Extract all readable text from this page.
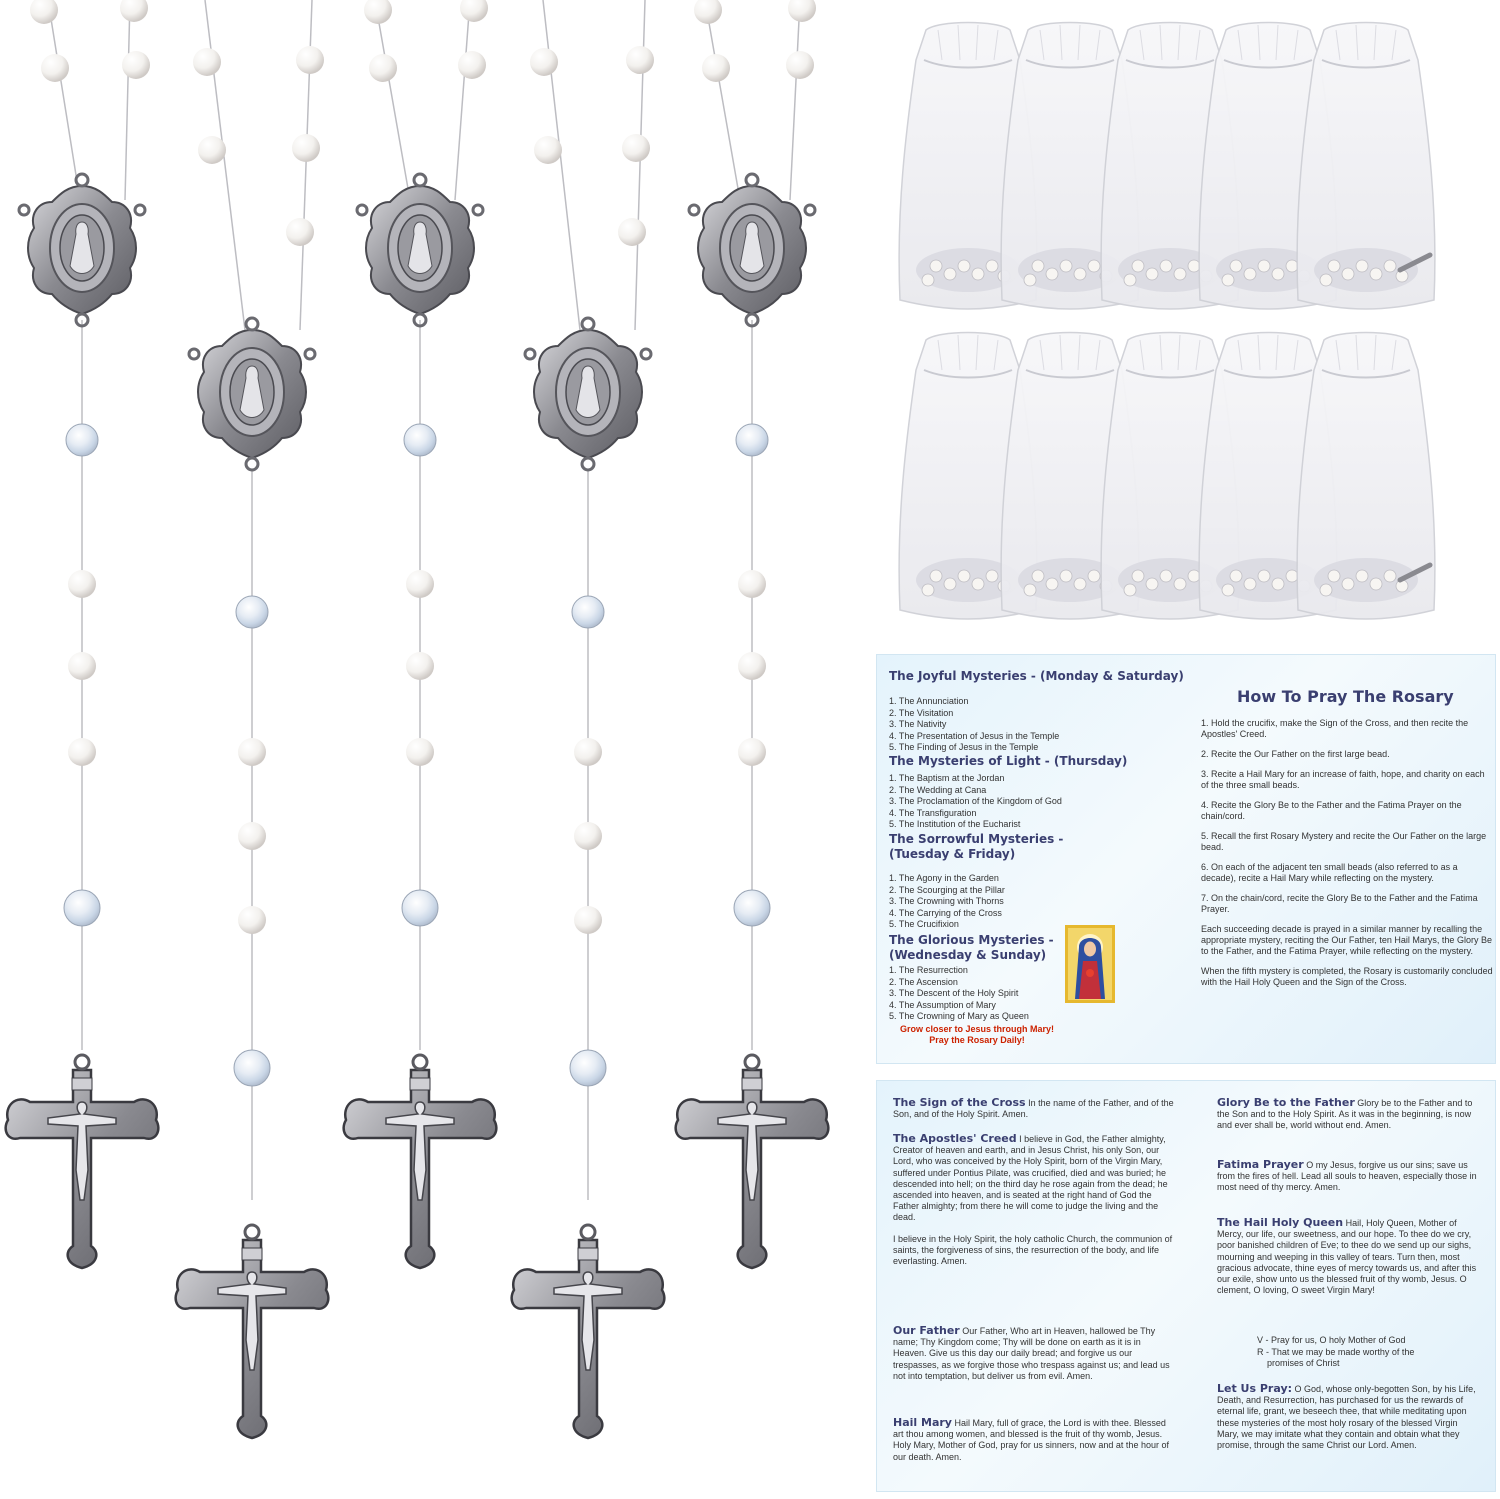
The Joyful Mysteries - (Monday & Saturday)
1. The Annunciation
2. The Visitation
3. The Nativity
4. The Presentation of Jesus in the Temple
5. The Finding of Jesus in the Temple
The Mysteries of Light - (Thursday)
1. The Baptism at the Jordan
2. The Wedding at Cana
3. The Proclamation of the Kingdom of God
4. The Transfiguration
5. The Institution of the Eucharist
The Sorrowful Mysteries -
(Tuesday & Friday)
1. The Agony in the Garden
2. The Scourging at the Pillar
3. The Crowning with Thorns
4. The Carrying of the Cross
5. The Crucifixion
The Glorious Mysteries -
(Wednesday & Sunday)
1. The Resurrection
2. The Ascension
3. The Descent of the Holy Spirit
4. The Assumption of Mary
5. The Crowning of Mary as Queen
Grow closer to Jesus through Mary!
Pray the Rosary Daily!
How To Pray The Rosary

1. Hold the crucifix, make the Sign of the Cross, and then recite the Apostles' Creed.

2. Recite the Our Father on the first large bead.

3. Recite a Hail Mary for an increase of faith, hope, and charity on each of the three small beads.

4. Recite the Glory Be to the Father and the Fatima Prayer on the chain/cord.

5. Recall the first Rosary Mystery and recite the Our Father on the large bead.

6. On each of the adjacent ten small beads (also referred to as a decade), recite a Hail Mary while reflecting on the mystery.

7. On the chain/cord, recite the Glory Be to the Father and the Fatima Prayer.

Each succeeding decade is prayed in a similar manner by recalling the appropriate mystery, reciting the Our Father, ten Hail Marys, the Glory Be to the Father, and the Fatima Prayer, while reflecting on the mystery.

When the fifth mystery is completed, the Rosary is customarily concluded with the Hail Holy Queen and the Sign of the Cross.

The Sign of the Cross In the name of the Father, and of the Son, and of the Holy Spirit. Amen.

The Apostles' Creed I believe in God, the Father almighty, Creator of heaven and earth, and in Jesus Christ, his only Son, our Lord, who was conceived by the Holy Spirit, born of the Virgin Mary, suffered under Pontius Pilate, was crucified, died and was buried; he descended into hell; on the third day he rose again from the dead; he ascended into heaven, and is seated at the right hand of God the Father almighty; from there he will come to judge the living and the dead.

I believe in the Holy Spirit, the holy catholic Church, the communion of saints, the forgiveness of sins, the resurrection of the body, and life everlasting. Amen.

Our Father Our Father, Who art in Heaven, hallowed be Thy name; Thy Kingdom come; Thy will be done on earth as it is in Heaven. Give us this day our daily bread; and forgive us our trespasses, as we forgive those who trespass against us; and lead us not into temptation, but deliver us from evil. Amen.

Hail Mary Hail Mary, full of grace, the Lord is with thee. Blessed art thou among women, and blessed is the fruit of thy womb, Jesus. Holy Mary, Mother of God, pray for us sinners, now and at the hour of our death. Amen.

Glory Be to the Father Glory be to the Father and to the Son and to the Holy Spirit. As it was in the beginning, is now and ever shall be, world without end. Amen.

Fatima Prayer O my Jesus, forgive us our sins; save us from the fires of hell. Lead all souls to heaven, especially those in most need of thy mercy. Amen.

The Hail Holy Queen Hail, Holy Queen, Mother of Mercy, our life, our sweetness, and our hope. To thee do we cry, poor banished children of Eve; to thee do we send up our sighs, mourning and weeping in this valley of tears. Turn then, most gracious advocate, thine eyes of mercy towards us, and after this our exile, show unto us the blessed fruit of thy womb, Jesus. O clement, O loving, O sweet Virgin Mary!

V - Pray for us, O holy Mother of God
R - That we may be made worthy of the
promises of Christ

Let Us Pray: O God, whose only-begotten Son, by his Life, Death, and Resurrection, has purchased for us the rewards of eternal life, grant, we beseech thee, that while meditating upon these mysteries of the most holy rosary of the blessed Virgin Mary, we may imitate what they contain and obtain what they promise, through the same Christ our Lord. Amen.
